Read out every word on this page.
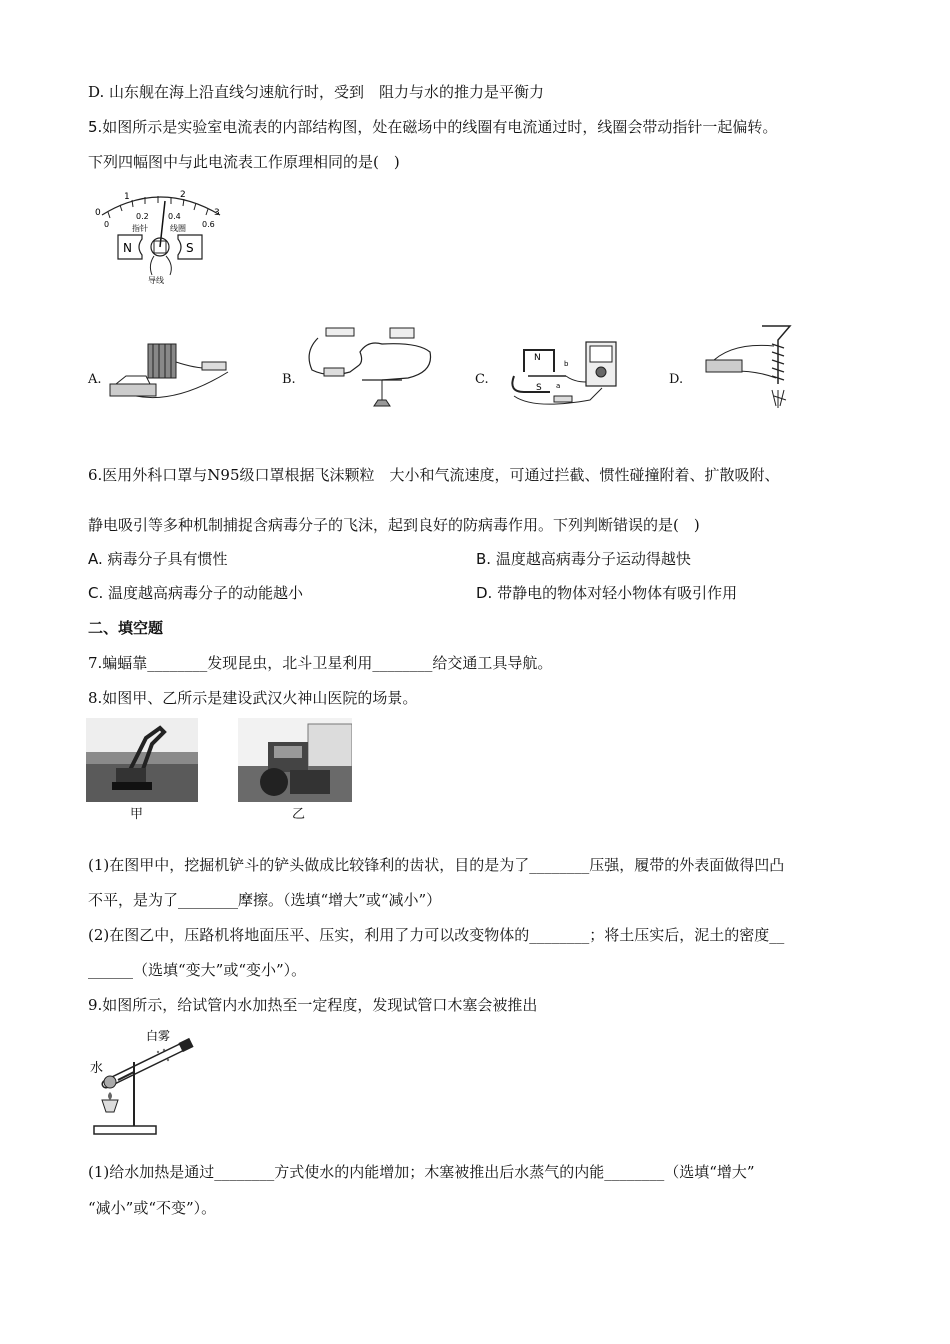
D. 山东舰在海上沿直线匀速航行时，受到　阻力与水的推力是平衡力
5.如图所示是实验室电流表的内部结构图，处在磁场中的线圈有电流通过时，线圈会带动指针一起偏转。
下列四幅图中与此电流表工作原理相同的是(　)
1	2
0	3
0
0.2 0.4
0.6
指针	线圈
N	S
导线
A.	B.	C.
N
S
b
a	D.
6.医用外科口罩与N95级口罩根据飞沫颗粒　大小和气流速度，可通过拦截、惯性碰撞附着、扩散吸附、
静电吸引等多种机制捕捉含病毒分子的飞沫，起到良好的防病毒作用。下列判断错误的是(　)
A. 病毒分子具有惯性	B. 温度越高病毒分子运动得越快
C. 温度越高病毒分子的动能越小	D. 带静电的物体对轻小物体有吸引作用
二、填空题
7.蝙蝠靠________发现昆虫，北斗卫星利用________给交通工具导航。
8.如图甲、乙所示是建设武汉火神山医院的场景。
甲	乙
(1)在图甲中，挖掘机铲斗的铲头做成比较锋利的齿状，目的是为了________压强，履带的外表面做得凹凸
不平，是为了________摩擦。（选填“增大”或“减小”）
(2)在图乙中，压路机将地面压平、压实，利用了力可以改变物体的________；将土压实后，泥土的密度__
______（选填“变大”或“变小”）。
9.如图所示，给试管内水加热至一定程度，发现试管口木塞会被推出
白雾
水
(1)给水加热是通过________方式使水的内能增加；木塞被推出后水蒸气的内能________（选填“增大”
“减小”或“不变”）。
